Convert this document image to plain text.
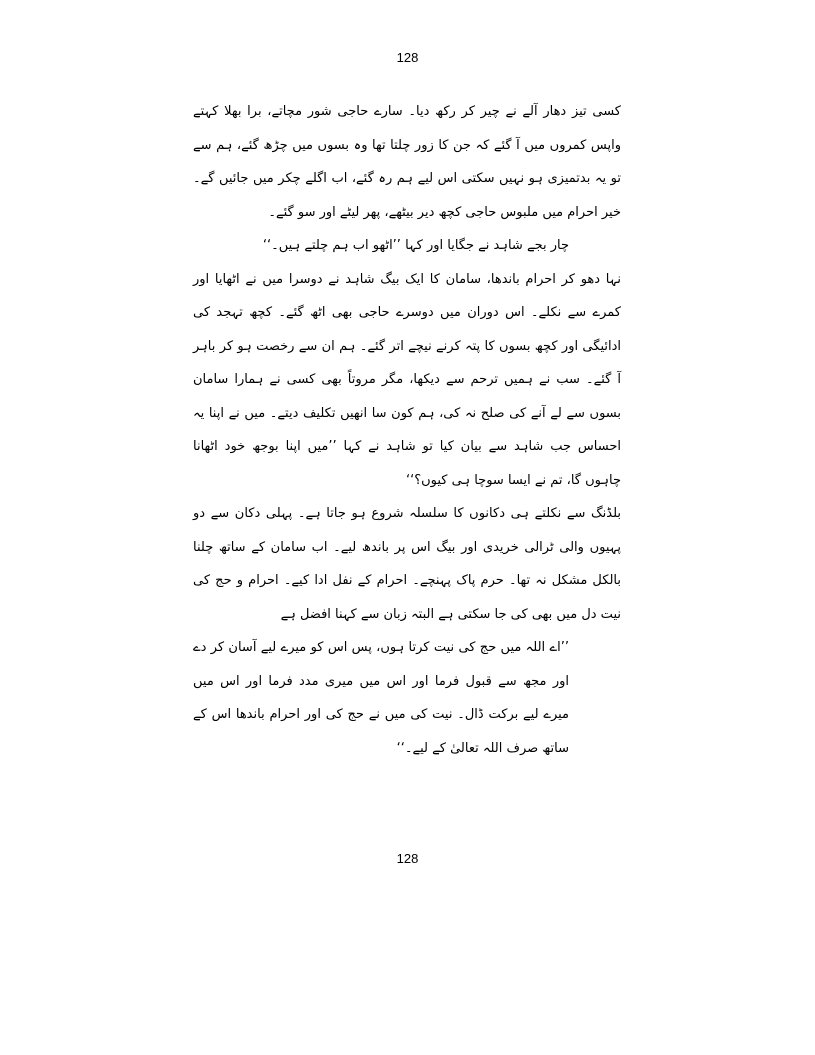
128

کسی تیز دھار آلے نے چیر کر رکھ دیا۔ سارے حاجی شور مچاتے، برا بھلا کہتے واپس کمروں میں آ گئے کہ جن کا زور چلتا تھا وہ بسوں میں چڑھ گئے، ہم سے تو یہ بدتمیزی ہو نہیں سکتی اس لیے ہم رہ گئے، اب اگلے چکر میں جائیں گے۔ خیر احرام میں ملبوس حاجی کچھ دیر بیٹھے، پھر لیٹے اور سو گئے۔

چار بجے شاہد نے جگایا اور کہا ’’اٹھو اب ہم چلتے ہیں۔‘‘

نہا دھو کر احرام باندھا، سامان کا ایک بیگ شاہد نے دوسرا میں نے اٹھایا اور کمرے سے نکلے۔ اس دوران میں دوسرے حاجی بھی اٹھ گئے۔ کچھ تہجد کی ادائیگی اور کچھ بسوں کا پتہ کرنے نیچے اتر گئے۔ ہم ان سے رخصت ہو کر باہر آ گئے۔ سب نے ہمیں ترحم سے دیکھا، مگر مروتاً بھی کسی نے ہمارا سامان بسوں سے لے آنے کی صلح نہ کی، ہم کون سا انھیں تکلیف دیتے۔ میں نے اپنا یہ احساس جب شاہد سے بیان کیا تو شاہد نے کہا ’’میں اپنا بوجھ خود اٹھانا چاہوں گا، تم نے ایسا سوچا ہی کیوں؟‘‘

بلڈنگ سے نکلتے ہی دکانوں کا سلسلہ شروع ہو جاتا ہے۔ پہلی دکان سے دو پہیوں والی ٹرالی خریدی اور بیگ اس پر باندھ لیے۔ اب سامان کے ساتھ چلنا بالکل مشکل نہ تھا۔ حرم پاک پہنچے۔ احرام کے نفل ادا کیے۔ احرام و حج کی نیت دل میں بھی کی جا سکتی ہے البتہ زبان سے کہنا افضل ہے

’’اے اللہ میں حج کی نیت کرتا ہوں، پس اس کو میرے لیے آسان کر دے اور مجھ سے قبول فرما اور اس میں میری مدد فرما اور اس میں میرے لیے برکت ڈال۔ نیت کی میں نے حج کی اور احرام باندھا اس کے ساتھ صرف اللہ تعالیٰ کے لیے۔‘‘

128
